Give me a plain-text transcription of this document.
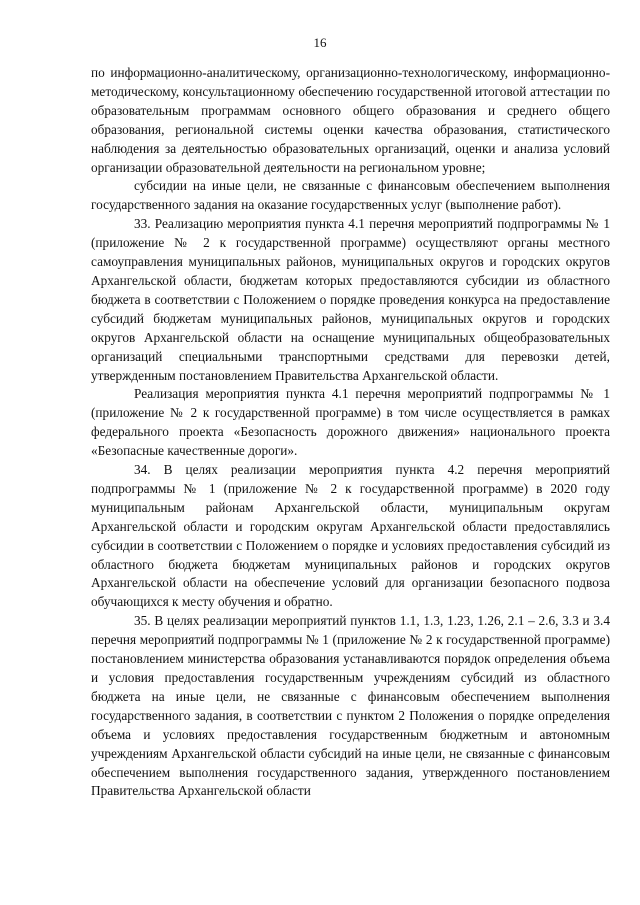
16

по информационно-аналитическому, организационно-технологическому, информационно-методическому, консультационному обеспечению государственной итоговой аттестации по образовательным программам основного общего образования и среднего общего образования, региональной системы оценки качества образования, статистического наблюдения за деятельностью образовательных организаций, оценки и анализа условий организации образовательной деятельности на региональном уровне;

субсидии на иные цели, не связанные с финансовым обеспечением выполнения государственного задания на оказание государственных услуг (выполнение работ).

33. Реализацию мероприятия пункта 4.1 перечня мероприятий подпрограммы № 1 (приложение № 2 к государственной программе) осуществляют органы местного самоуправления муниципальных районов, муниципальных округов и городских округов Архангельской области, бюджетам которых предоставляются субсидии из областного бюджета в соответствии с Положением о порядке проведения конкурса на предоставление субсидий бюджетам муниципальных районов, муниципальных округов и городских округов Архангельской области на оснащение муниципальных общеобразовательных организаций специальными транспортными средствами для перевозки детей, утвержденным постановлением Правительства Архангельской области.

Реализация мероприятия пункта 4.1 перечня мероприятий подпрограммы № 1 (приложение № 2 к государственной программе) в том числе осуществляется в рамках федерального проекта «Безопасность дорожного движения» национального проекта «Безопасные качественные дороги».

34. В целях реализации мероприятия пункта 4.2 перечня мероприятий подпрограммы № 1 (приложение № 2 к государственной программе) в 2020 году муниципальным районам Архангельской области, муниципальным округам Архангельской области и городским округам Архангельской области предоставлялись субсидии в соответствии с Положением о порядке и условиях предоставления субсидий из областного бюджета бюджетам муниципальных районов и городских округов Архангельской области на обеспечение условий для организации безопасного подвоза обучающихся к месту обучения и обратно.

35. В целях реализации мероприятий пунктов 1.1, 1.3, 1.23, 1.26, 2.1 – 2.6, 3.3 и 3.4 перечня мероприятий подпрограммы № 1 (приложение № 2 к государственной программе) постановлением министерства образования устанавливаются порядок определения объема и условия предоставления государственным учреждениям субсидий из областного бюджета на иные цели, не связанные с финансовым обеспечением выполнения государственного задания, в соответствии с пунктом 2 Положения о порядке определения объема и условиях предоставления государственным бюджетным и автономным учреждениям Архангельской области субсидий на иные цели, не связанные с финансовым обеспечением выполнения государственного задания, утвержденного постановлением Правительства Архангельской области
